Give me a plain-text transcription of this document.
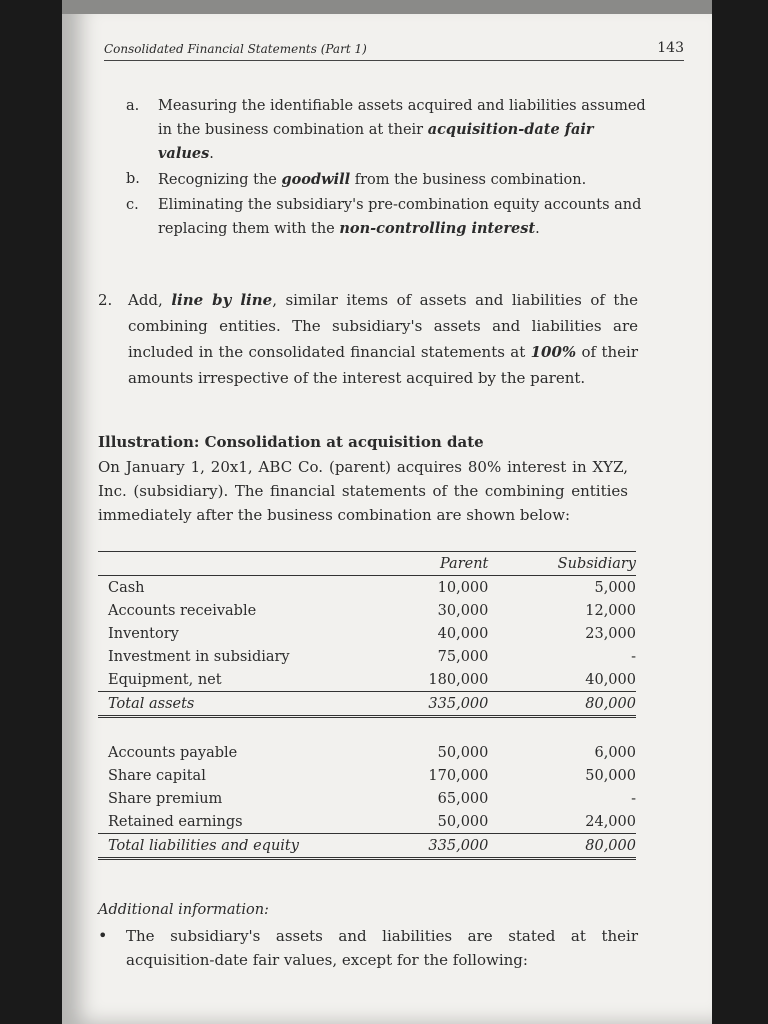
Consolidated Financial Statements (Part 1)	143
a. Measuring the identifiable assets acquired and liabilities assumed in the business combination at their acquisition-date fair values.
b. Recognizing the goodwill from the business combination.
c. Eliminating the subsidiary's pre-combination equity accounts and replacing them with the non-controlling interest.
2.	Add, line by line, similar items of assets and liabilities of the combining entities. The subsidiary's assets and liabilities are included in the consolidated financial statements at 100% of their amounts irrespective of the interest acquired by the parent.
Illustration: Consolidation at acquisition date
On January 1, 20x1, ABC Co. (parent) acquires 80% interest in XYZ, Inc. (subsidiary). The financial statements of the combining entities immediately after the business combination are shown below:
	Parent	Subsidiary
Cash	10,000	5,000
Accounts receivable	30,000	12,000
Inventory	40,000	23,000
Investment in subsidiary	75,000	-
Equipment, net	180,000	40,000
Total assets	335,000	80,000

Accounts payable	50,000	6,000
Share capital	170,000	50,000
Share premium	65,000	-
Retained earnings	50,000	24,000
Total liabilities and equity	335,000	80,000
Additional information:
•	The subsidiary's assets and liabilities are stated at their acquisition-date fair values, except for the following:
